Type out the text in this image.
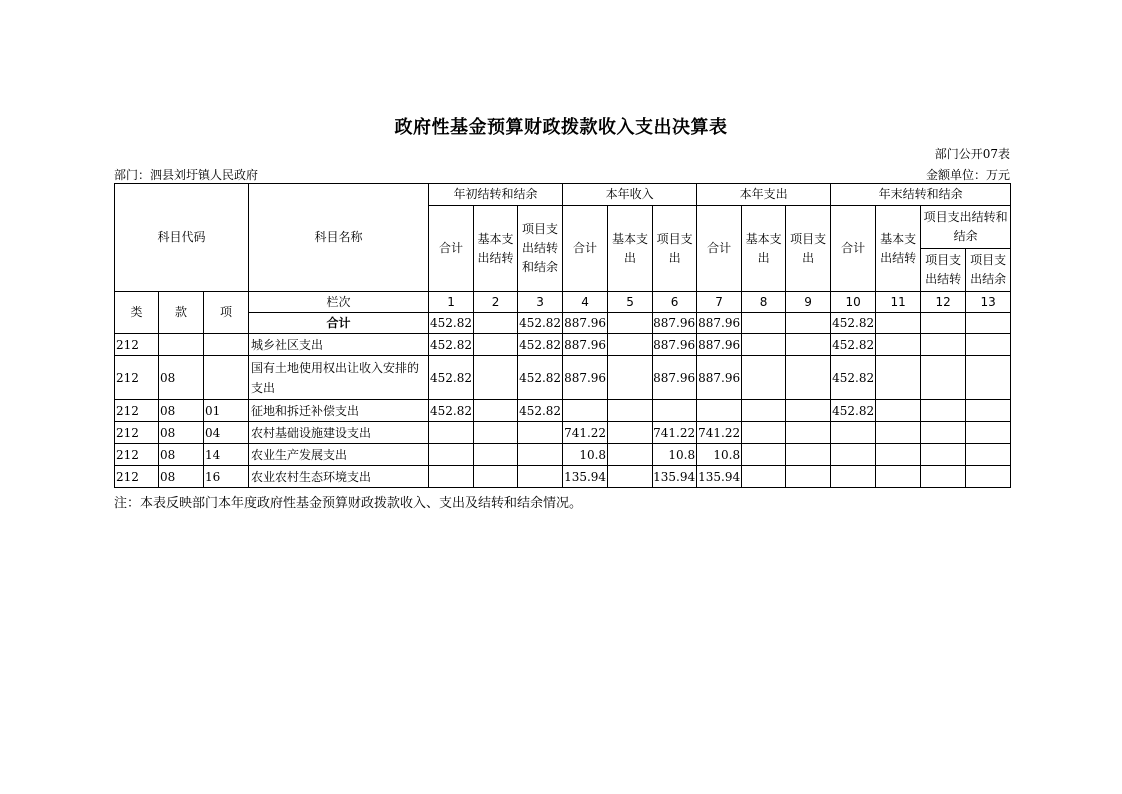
政府性基金预算财政拨款收入支出决算表
部门公开07表
部门：泗县刘圩镇人民政府	金额单位：万元
科目代码			科目名称	年初结转和结余			本年收入			本年支出			年末结转和结余			
				合计	基本支出结转	项目支出结转和结余	合计	基本支出	项目支出	合计	基本支出	项目支出	合计	基本支出结转	项目支出结转和结余	
															项目支出结转	项目支出结余
类	款	项	栏次	1	2	3	4	5	6	7	8	9	10	11	12	13
			合计	452.82		452.82	887.96		887.96	887.96			452.82			
212			城乡社区支出	452.82		452.82	887.96		887.96	887.96			452.82			
212	08		国有土地使用权出让收入安排的支出	452.82		452.82	887.96		887.96	887.96			452.82			
212	08	01	征地和拆迁补偿支出	452.82		452.82							452.82			
212	08	04	农村基础设施建设支出				741.22		741.22	741.22						
212	08	14	农业生产发展支出				10.8		10.8	10.8						
212	08	16	农业农村生态环境支出				135.94		135.94	135.94						
注：本表反映部门本年度政府性基金预算财政拨款收入、支出及结转和结余情况。
